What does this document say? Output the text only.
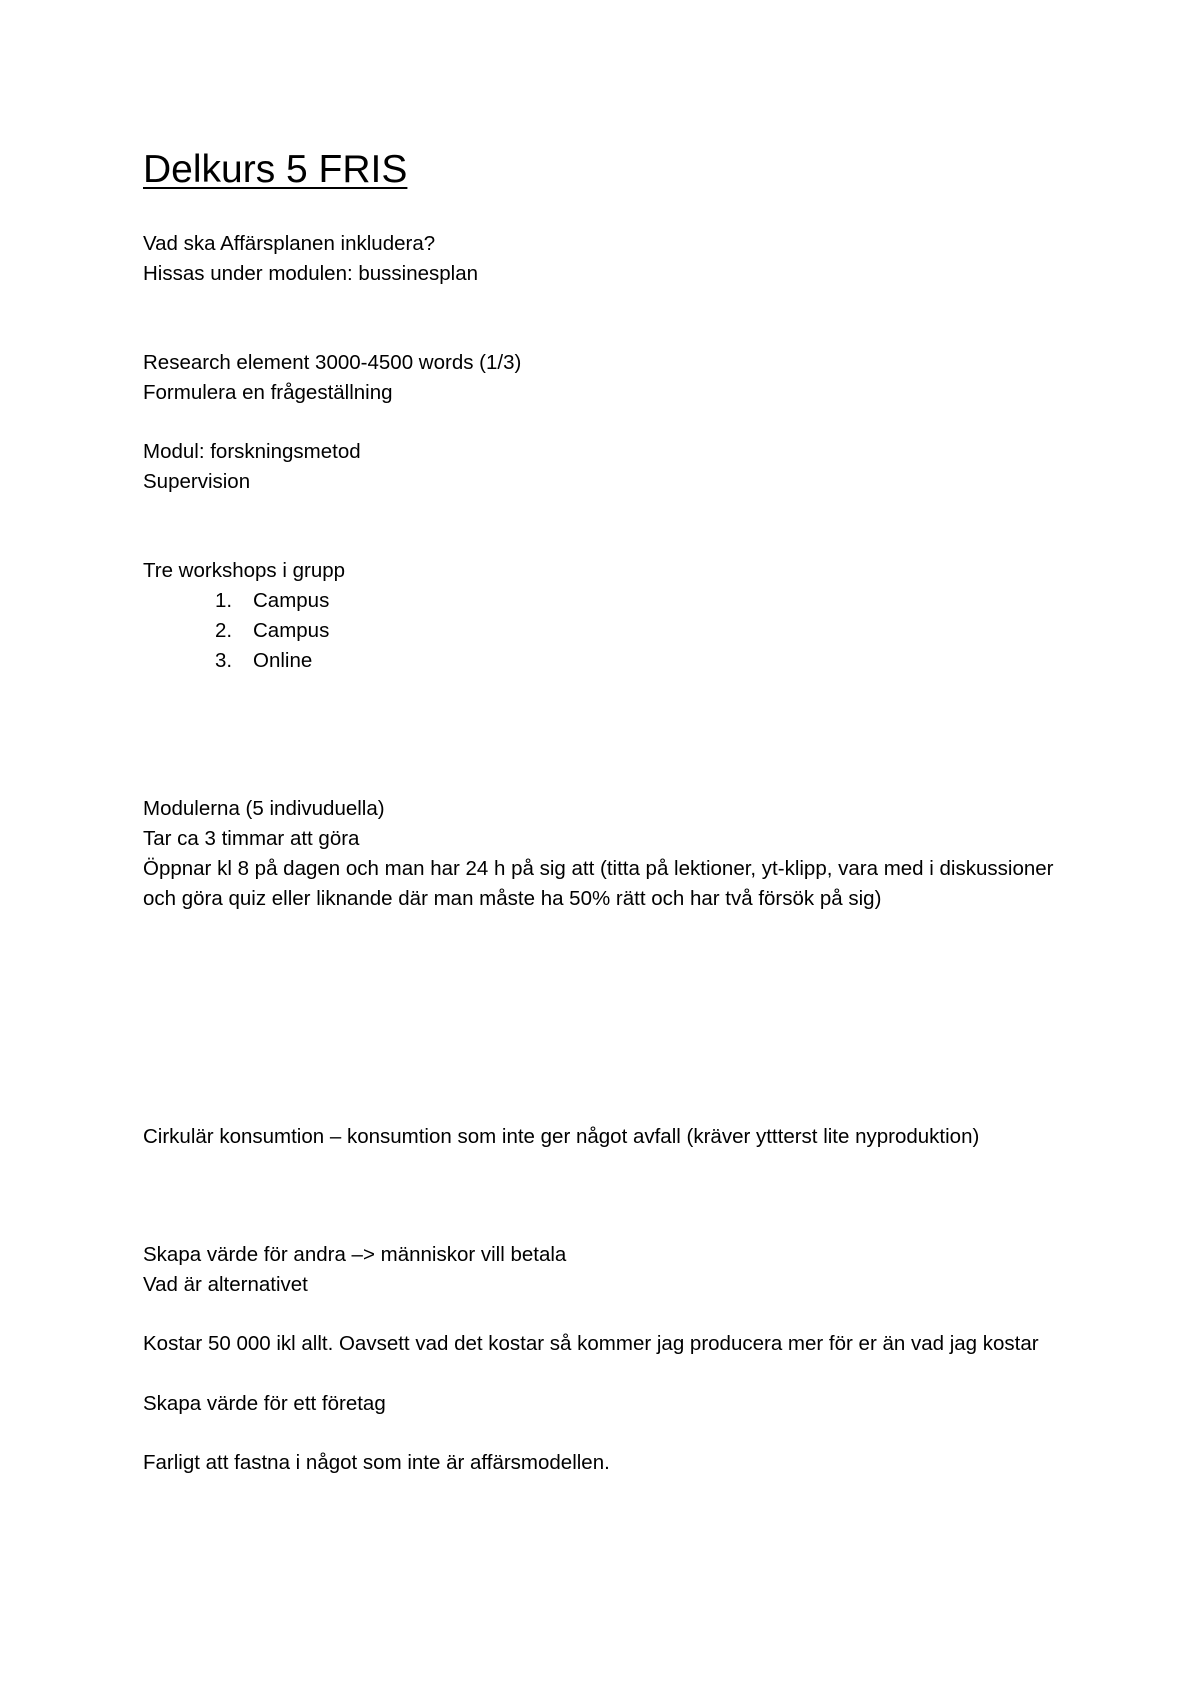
Delkurs 5 FRIS
Vad ska Affärsplanen inkludera?
Hissas under modulen: bussinesplan
Research element 3000-4500 words (1/3)
Formulera en frågeställning
Modul: forskningsmetod
Supervision
Tre workshops i grupp
1. Campus
2. Campus
3. Online
Modulerna (5 indivuduella)
Tar ca 3 timmar att göra
Öppnar kl 8 på dagen och man har 24 h på sig att (titta på lektioner, yt-klipp, vara med i diskussioner och göra quiz eller liknande där man måste ha 50% rätt och har två försök på sig)
Cirkulär konsumtion – konsumtion som inte ger något avfall (kräver yttterst lite nyproduktion)
Skapa värde för andra –> människor vill betala
Vad är alternativet
Kostar 50 000 ikl allt. Oavsett vad det kostar så kommer jag producera mer för er än vad jag kostar
Skapa värde för ett företag
Farligt att fastna i något som inte är affärsmodellen.
